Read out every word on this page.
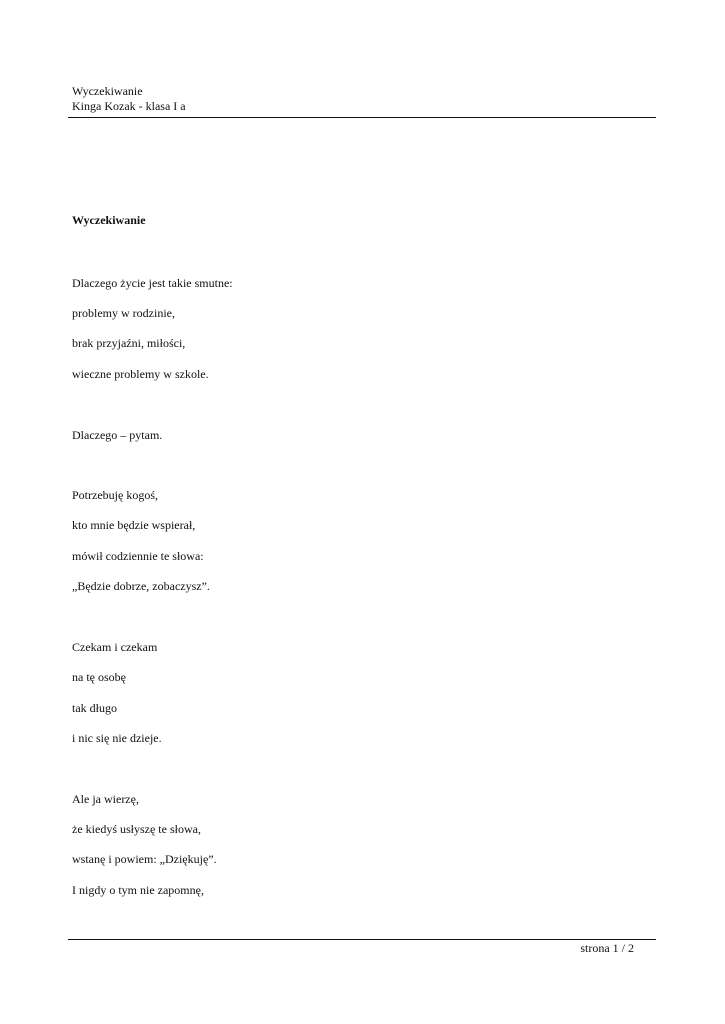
Wyczekiwanie
Kinga Kozak - klasa I a
Wyczekiwanie
Dlaczego życie jest takie smutne:
problemy w rodzinie,
brak przyjaźni, miłości,
wieczne problemy w szkole.
Dlaczego – pytam.
Potrzebuję kogoś,
kto mnie będzie wspierał,
mówił codziennie te słowa:
„Będzie dobrze, zobaczysz”.
Czekam i czekam
na tę osobę
tak długo
i nic się nie dzieje.
Ale ja wierzę,
że kiedyś usłyszę te słowa,
wstanę i powiem: „Dziękuję”.
I nigdy o tym nie zapomnę,
strona 1 / 2
